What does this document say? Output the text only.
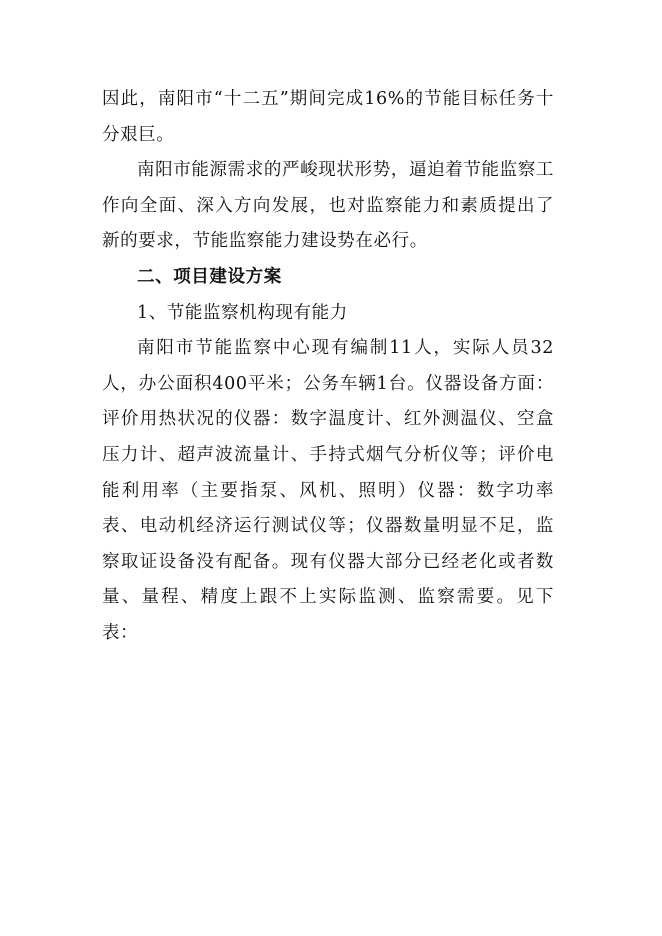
因此，南阳市“十二五”期间完成16%的节能目标任务十分艰巨。

南阳市能源需求的严峻现状形势，逼迫着节能监察工作向全面、深入方向发展，也对监察能力和素质提出了新的要求，节能监察能力建设势在必行。

二、项目建设方案

1、节能监察机构现有能力

南阳市节能监察中心现有编制11人，实际人员32人，办公面积400平米；公务车辆1台。仪器设备方面：评价用热状况的仪器：数字温度计、红外测温仪、空盒压力计、超声波流量计、手持式烟气分析仪等；评价电能利用率（主要指泵、风机、照明）仪器：数字功率表、电动机经济运行测试仪等；仪器数量明显不足，监察取证设备没有配备。现有仪器大部分已经老化或者数量、量程、精度上跟不上实际监测、监察需要。见下表：
